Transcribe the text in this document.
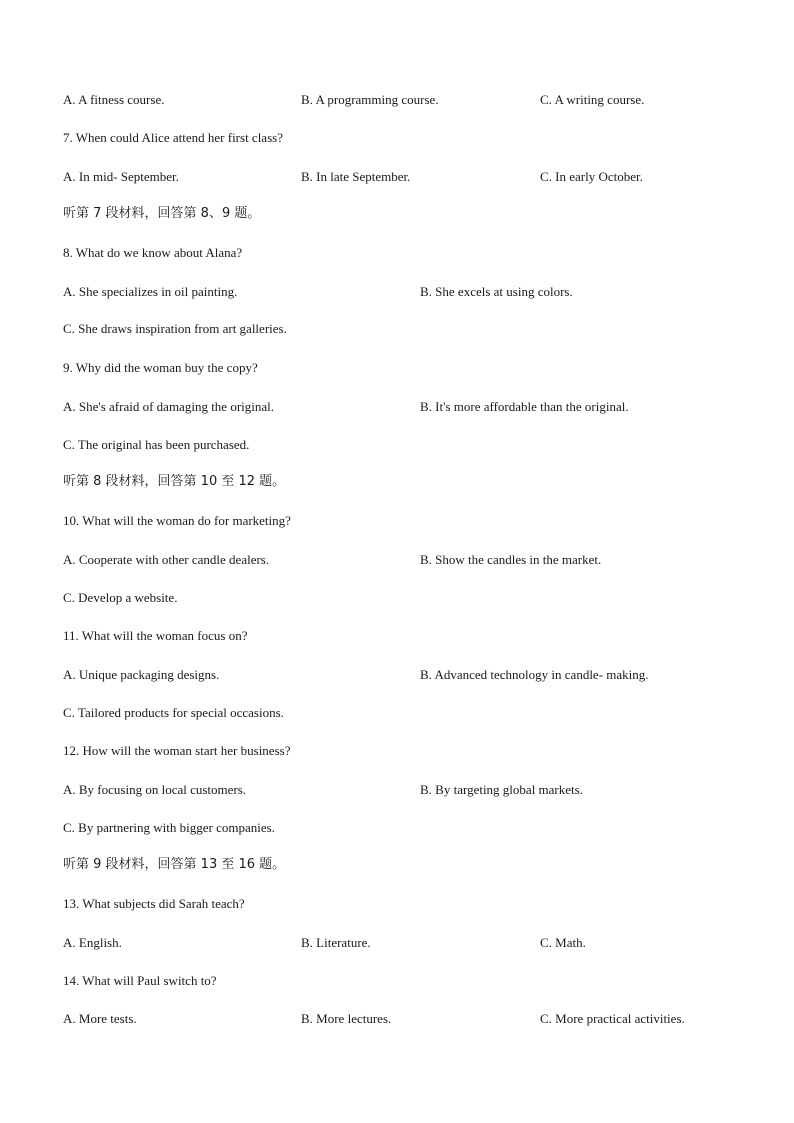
A. A fitness course.	B. A programming course.	C. A writing course.
7. When could Alice attend her first class?
A. In mid- September.	B. In late September.	C. In early October.
听第 7 段材料，回答第 8、9 题。
8. What do we know about Alana?
A. She specializes in oil painting.	B. She excels at using colors.
C. She draws inspiration from art galleries.
9. Why did the woman buy the copy?
A. She's afraid of damaging the original.	B. It's more affordable than the original.
C. The original has been purchased.
听第 8 段材料，回答第 10 至 12 题。
10. What will the woman do for marketing?
A. Cooperate with other candle dealers.	B. Show the candles in the market.
C. Develop a website.
11. What will the woman focus on?
A. Unique packaging designs.	B. Advanced technology in candle- making.
C. Tailored products for special occasions.
12. How will the woman start her business?
A. By focusing on local customers.	B. By targeting global markets.
C. By partnering with bigger companies.
听第 9 段材料，回答第 13 至 16 题。
13. What subjects did Sarah teach?
A. English.	B. Literature.	C. Math.
14. What will Paul switch to?
A. More tests.	B. More lectures.	C. More practical activities.
